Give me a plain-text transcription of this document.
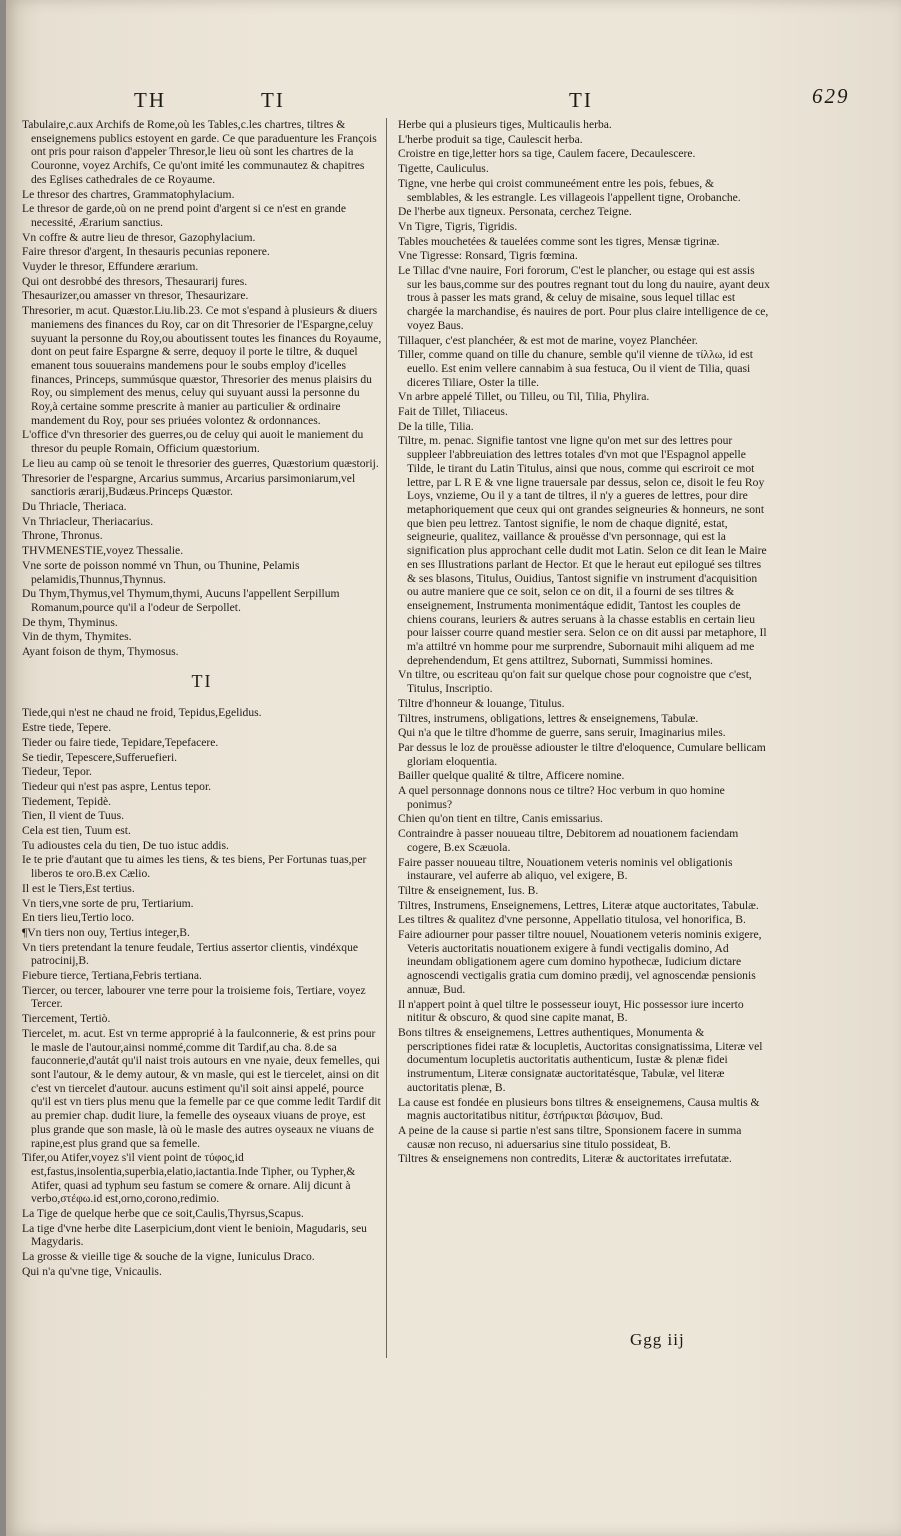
TH	TI	TI	629
Tabulaire,c.aux Archifs de Rome,où les Tables,c.les chartres, tiltres & enseignemens publics estoyent en garde. Ce que paraduenture les François ont pris pour raison d'appeler Thresor,le lieu où sont les chartres de la Couronne, voyez Archifs, Ce qu'ont imité les communautez & chapitres des Eglises cathedrales de ce Royaume.
Le thresor des chartres, Grammatophylacium.
Le thresor de garde,où on ne prend point d'argent si ce n'est en grande necessité, Ærarium sanctius.
Vn coffre & autre lieu de thresor, Gazophylacium.
Faire thresor d'argent, In thesauris pecunias reponere.
Vuyder le thresor, Effundere ærarium.
Qui ont desrobbé des thresors, Thesaurarij fures.
Thesaurizer,ou amasser vn thresor, Thesaurizare.
Thresorier, m acut. Quæstor.Liu.lib.23. Ce mot s'espand à plusieurs & diuers maniemens des finances du Roy, car on dit Thresorier de l'Espargne,celuy suyuant la personne du Roy,ou aboutissent toutes les finances du Royaume, dont on peut faire Espargne & serre, dequoy il porte le tiltre, & duquel emanent tous souuerains mandemens pour le soubs employ d'icelles finances, Princeps, summúsque quæstor, Thresorier des menus plaisirs du Roy, ou simplement des menus, celuy qui suyuant aussi la personne du Roy,à certaine somme prescrite à manier au particulier & ordinaire mandement du Roy, pour ses priuées volontez & ordonnances.
L'office d'vn thresorier des guerres,ou de celuy qui auoit le maniement du thresor du peuple Romain, Officium quæstorium.
Le lieu au camp où se tenoit le thresorier des guerres, Quæstorium quæstorij.
Thresorier de l'espargne, Arcarius summus, Arcarius parsimoniarum,vel sanctioris ærarij,Budæus.Princeps Quæstor.
Du Thriacle, Theriaca.
Vn Thriacleur, Theriacarius.
Throne, Thronus.
THVMENESTIE,voyez Thessalie.
Vne sorte de poisson nommé vn Thun, ou Thunine, Pelamis pelamidis,Thunnus,Thynnus.
Du Thym,Thymus,vel Thymum,thymi, Aucuns l'appellent Serpillum Romanum,pource qu'il a l'odeur de Serpollet.
De thym, Thyminus.
Vin de thym, Thymites.
Ayant foison de thym, Thymosus.
TI
Tiede,qui n'est ne chaud ne froid, Tepidus,Egelidus.
Estre tiede, Tepere.
Tieder ou faire tiede, Tepidare,Tepefacere.
Se tiedir, Tepescere,Sufferuefieri.
Tiedeur, Tepor.
Tiedeur qui n'est pas aspre, Lentus tepor.
Tiedement, Tepidè.
Tien, Il vient de Tuus.
Cela est tien, Tuum est.
Tu adioustes cela du tien, De tuo istuc addis.
Ie te prie d'autant que tu aimes les tiens, & tes biens, Per Fortunas tuas,per liberos te oro.B.ex Cælio.
Il est le Tiers,Est tertius.
Vn tiers,vne sorte de pru, Tertiarium.
En tiers lieu,Tertio loco.
¶Vn tiers non ouy, Tertius integer,B.
Vn tiers pretendant la tenure feudale, Tertius assertor clientis, vindéxque patrocinij,B.
Fiebure tierce, Tertiana,Febris tertiana.
Tiercer, ou tercer, labourer vne terre pour la troisieme fois, Tertiare, voyez Tercer.
Tiercement, Tertiò.
Tiercelet, m. acut. Est vn terme approprié à la faulconnerie, & est prins pour le masle de l'autour,ainsi nommé,comme dit Tardif,au cha. 8.de sa fauconnerie,d'autát qu'il naist trois autours en vne nyaie, deux femelles, qui sont l'autour, & le demy autour, & vn masle, qui est le tiercelet, ainsi on dit c'est vn tiercelet d'autour. aucuns estiment qu'il soit ainsi appelé, pource qu'il est vn tiers plus menu que la femelle par ce que comme ledit Tardif dit au premier chap. dudit liure, la femelle des oyseaux viuans de proye, est plus grande que son masle, là où le masle des autres oyseaux ne viuans de rapine,est plus grand que sa femelle.
Tifer,ou Atifer,voyez s'il vient point de τύφος,id est,fastus,insolentia,superbia,elatio,iactantia.Inde Tipher, ou Typher,& Atifer, quasi ad typhum seu fastum se comere & ornare. Alij dicunt à verbo,στέφω.id est,orno,corono,redimio.
La Tige de quelque herbe que ce soit,Caulis,Thyrsus,Scapus.
La tige d'vne herbe dite Laserpicium,dont vient le benioin, Magudaris, seu Magydaris.
La grosse & vieille tige & souche de la vigne, Iuniculus Draco.
Qui n'a qu'vne tige, Vnicaulis.
Herbe qui a plusieurs tiges, Multicaulis herba.
L'herbe produit sa tige, Caulescit herba.
Croistre en tige,letter hors sa tige, Caulem facere, Decaulescere.
Tigette, Cauliculus.
Tigne, vne herbe qui croist communeément entre les pois, febues, & semblables, & les estrangle. Les villageois l'appellent tigne, Orobanche.
De l'herbe aux tigneux. Personata, cerchez Teigne.
Vn Tigre, Tigris, Tigridis.
Tables mouchetées & tauelées comme sont les tigres, Mensæ tigrinæ.
Vne Tigresse: Ronsard, Tigris fœmina.
Le Tillac d'vne nauire, Fori fororum, C'est le plancher, ou estage qui est assis sur les baus,comme sur des poutres regnant tout du long du nauire, ayant deux trous à passer les mats grand, & celuy de misaine, sous lequel tillac est chargée la marchandise, és nauires de port. Pour plus claire intelligence de ce, voyez Baus.
Tillaquer, c'est planchéer, & est mot de marine, voyez Planchéer.
Tiller, comme quand on tille du chanure, semble qu'il vienne de τίλλω, id est euello. Est enim vellere cannabim à sua festuca, Ou il vient de Tilia, quasi diceres Tiliare, Oster la tille.
Vn arbre appelé Tillet, ou Tilleu, ou Til, Tilia, Phylira.
Fait de Tillet, Tiliaceus.
De la tille, Tilia.
Tiltre, m. penac. Signifie tantost vne ligne qu'on met sur des lettres pour suppleer l'abbreuiation des lettres totales d'vn mot que l'Espagnol appelle Tilde, le tirant du Latin Titulus, ainsi que nous, comme qui escriroit ce mot lettre, par L R E & vne ligne trauersale par dessus, selon ce, disoit le feu Roy Loys, vnzieme, Ou il y a tant de tiltres, il n'y a gueres de lettres, pour dire metaphoriquement que ceux qui ont grandes seigneuries & honneurs, ne sont que bien peu lettrez. Tantost signifie, le nom de chaque dignité, estat, seigneurie, qualitez, vaillance & prouësse d'vn personnage, qui est la signification plus approchant celle dudit mot Latin. Selon ce dit Iean le Maire en ses Illustrations parlant de Hector. Et que le heraut eut epilogué ses tiltres & ses blasons, Titulus, Ouidius, Tantost signifie vn instrument d'acquisition ou autre maniere que ce soit, selon ce on dit, il a fourni de ses tiltres & enseignement, Instrumenta monimentáque edidit, Tantost les couples de chiens courans, leuriers & autres seruans à la chasse establis en certain lieu pour laisser courre quand mestier sera. Selon ce on dit aussi par metaphore, Il m'a attiltré vn homme pour me surprendre, Subornauit mihi aliquem ad me deprehendendum, Et gens attiltrez, Subornati, Summissi homines.
Vn tiltre, ou escriteau qu'on fait sur quelque chose pour cognoistre que c'est, Titulus, Inscriptio.
Tiltre d'honneur & louange, Titulus.
Tiltres, instrumens, obligations, lettres & enseignemens, Tabulæ.
Qui n'a que le tiltre d'homme de guerre, sans seruir, Imaginarius miles.
Par dessus le loz de prouësse adiouster le tiltre d'eloquence, Cumulare bellicam gloriam eloquentia.
Bailler quelque qualité & tiltre, Afficere nomine.
A quel personnage donnons nous ce tiltre? Hoc verbum in quo homine ponimus?
Chien qu'on tient en tiltre, Canis emissarius.
Contraindre à passer nouueau tiltre, Debitorem ad nouationem faciendam cogere, B.ex Scæuola.
Faire passer nouueau tiltre, Nouationem veteris nominis vel obligationis instaurare, vel auferre ab aliquo, vel exigere, B.
Tiltre & enseignement, Ius. B.
Tiltres, Instrumens, Enseignemens, Lettres, Literæ atque auctoritates, Tabulæ.
Les tiltres & qualitez d'vne personne, Appellatio titulosa, vel honorifica, B.
Faire adiourner pour passer tiltre nouuel, Nouationem veteris nominis exigere, Veteris auctoritatis nouationem exigere à fundi vectigalis domino, Ad ineundam obligationem agere cum domino hypothecæ, Iudicium dictare agnoscendi vectigalis gratia cum domino prædij, vel agnoscendæ pensionis annuæ, Bud.
Il n'appert point à quel tiltre le possesseur iouyt, Hic possessor iure incerto nititur & obscuro, & quod sine capite manat, B.
Bons tiltres & enseignemens, Lettres authentiques, Monumenta & perscriptiones fidei ratæ & locupletis, Auctoritas consignatissima, Literæ vel documentum locupletis auctoritatis authenticum, Iustæ & plenæ fidei instrumentum, Literæ consignatæ auctoritatésque, Tabulæ, vel literæ auctoritatis plenæ, B.
La cause est fondée en plusieurs bons tiltres & enseignemens, Causa multis & magnis auctoritatibus nititur, ἐστήρικται βάσιμον, Bud.
A peine de la cause si partie n'est sans tiltre, Sponsionem facere in summa causæ non recuso, ni aduersarius sine titulo possideat, B.
Tiltres & enseignemens non contredits, Literæ & auctoritates irrefutatæ.
Ggg iij
